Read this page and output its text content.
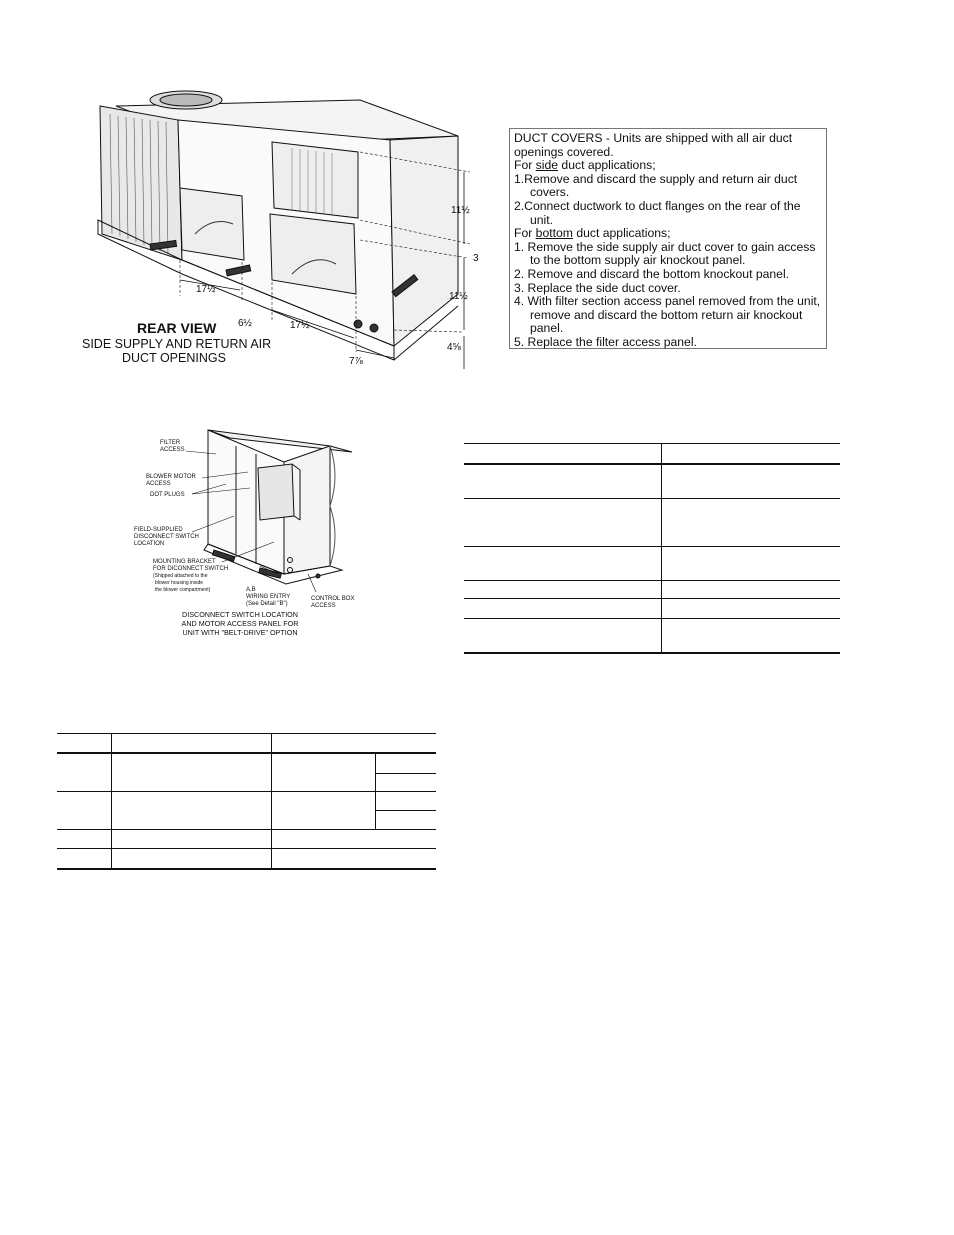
11½
3
11½
4⅝
17½
6½	17½
7⅞
REAR VIEW
SIDE SUPPLY AND RETURN AIR
DUCT OPENINGS
DUCT COVERS - Units are shipped with all air duct
openings covered.
For side duct applications;
1.Remove and discard the supply and return air duct covers.
2.Connect ductwork to duct flanges on the rear of the unit.
For bottom duct applications;
1. Remove the side supply air duct cover to gain access to the bottom supply air knockout panel.
2. Remove and discard the bottom knockout panel.
3. Replace the side duct cover.
4. With filter section access panel removed from the unit, remove and discard the bottom return air knockout panel.
5. Replace the filter access panel.
FILTER
ACCESS
BLOWER MOTOR
ACCESS
DOT PLUGS
FIELD-SUPPLIED
DISCONNECT SWITCH
LOCATION
MOUNTING BRACKET
FOR DICONNECT SWITCH
(Shipped attached to the
blower housing inside
the blower compartment)	A,B
WIRING ENTRY
(See Detail "B")
CONTROL BOX
ACCESS
DISCONNECT SWITCH LOCATION
AND MOTOR ACCESS PANEL FOR
UNIT WITH "BELT-DRIVE" OPTION
